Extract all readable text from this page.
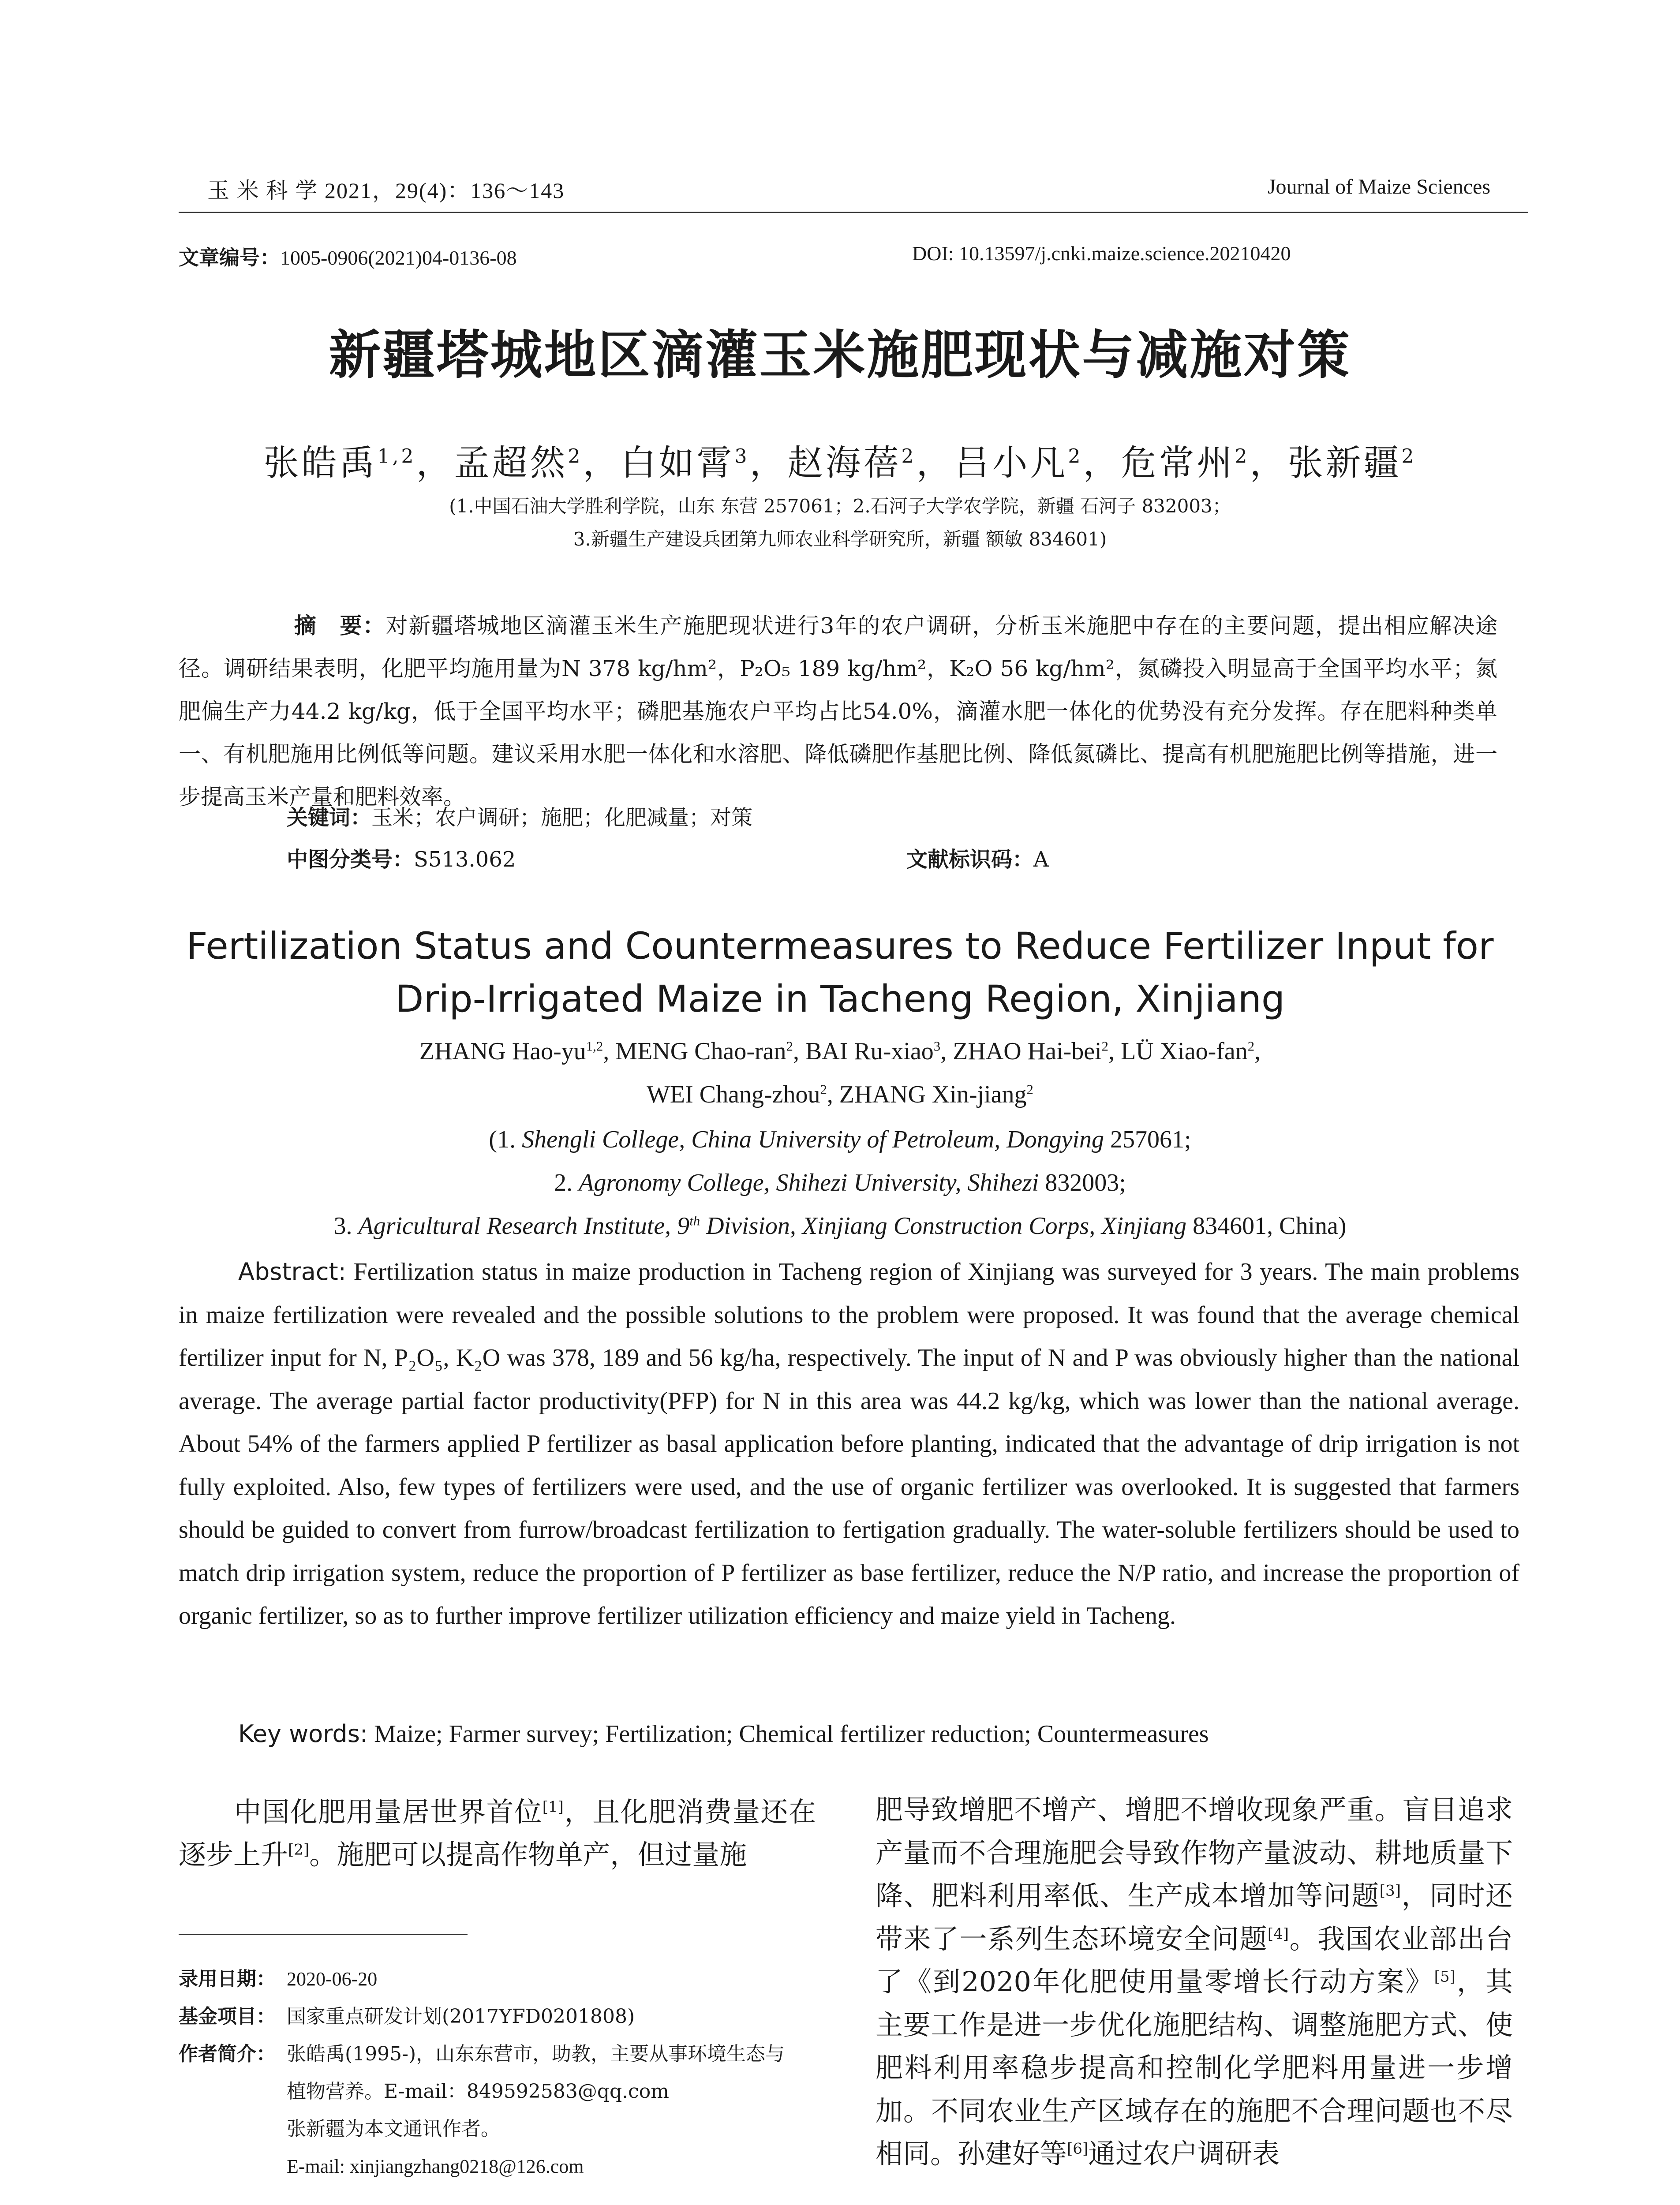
玉 米 科 学 2021，29(4)：136～143	Journal of Maize Sciences
文章编号：1005-0906(2021)04-0136-08	DOI: 10.13597/j.cnki.maize.science.20210420
新疆塔城地区滴灌玉米施肥现状与减施对策
张皓禹$^{1,2}$，孟超然$^2$，白如霄$^3$，赵海蓓$^2$，吕小凡$^2$，危常州$^2$，张新疆$^2$
(1.中国石油大学胜利学院，山东 东营 257061；2.石河子大学农学院，新疆 石河子 832003；
3.新疆生产建设兵团第九师农业科学研究所，新疆 额敏 834601)
摘　要：对新疆塔城地区滴灌玉米生产施肥现状进行3年的农户调研，分析玉米施肥中存在的主要问题，提出相应解决途径。调研结果表明，化肥平均施用量为N 378 kg/hm²，P₂O₅ 189 kg/hm²，K₂O 56 kg/hm²，氮磷投入明显高于全国平均水平；氮肥偏生产力44.2 kg/kg，低于全国平均水平；磷肥基施农户平均占比54.0%，滴灌水肥一体化的优势没有充分发挥。存在肥料种类单一、有机肥施用比例低等问题。建议采用水肥一体化和水溶肥、降低磷肥作基肥比例、降低氮磷比、提高有机肥施肥比例等措施，进一步提高玉米产量和肥料效率。
关键词：玉米；农户调研；施肥；化肥减量；对策
中图分类号：S513.062	文献标识码：A
Fertilization Status and Countermeasures to Reduce Fertilizer Input for
Drip-Irrigated Maize in Tacheng Region, Xinjiang
ZHANG Hao-yu$^{1,2}$, MENG Chao-ran$^2$, BAI Ru-xiao$^3$, ZHAO Hai-bei$^2$, LÜ Xiao-fan$^2$,
WEI Chang-zhou$^2$, ZHANG Xin-jiang$^2$
(1. Shengli College, China University of Petroleum, Dongying 257061;
2. Agronomy College, Shihezi University, Shihezi 832003;
3. Agricultural Research Institute, 9th Division, Xinjiang Construction Corps, Xinjiang 834601, China)
Abstract: Fertilization status in maize production in Tacheng region of Xinjiang was surveyed for 3 years. The main problems in maize fertilization were revealed and the possible solutions to the problem were proposed. It was found that the average chemical fertilizer input for N, P₂O₅, K₂O was 378, 189 and 56 kg/ha, respectively. The input of N and P was obviously higher than the national average. The average partial factor productivity(PFP) for N in this area was 44.2 kg/kg, which was lower than the national average. About 54% of the farmers applied P fertilizer as basal application before planting, indicated that the advantage of drip irrigation is not fully exploited. Also, few types of fertilizers were used, and the use of organic fertilizer was overlooked. It is suggested that farmers should be guided to convert from furrow/broadcast fertilization to fertigation gradually. The water-soluble fertilizers should be used to match drip irrigation system, reduce the proportion of P fertilizer as base fertilizer, reduce the N/P ratio, and increase the proportion of organic fertilizer, so as to further improve fertilizer utilization efficiency and maize yield in Tacheng.
Key words: Maize; Farmer survey; Fertilization; Chemical fertilizer reduction; Countermeasures
中国化肥用量居世界首位[1]，且化肥消费量还在逐步上升[2]。施肥可以提高作物单产，但过量施
肥导致增肥不增产、增肥不增收现象严重。盲目追求产量而不合理施肥会导致作物产量波动、耕地质量下降、肥料利用率低、生产成本增加等问题[3]，同时还带来了一系列生态环境安全问题[4]。我国农业部出台了《到2020年化肥使用量零增长行动方案》[5]，其主要工作是进一步优化施肥结构、调整施肥方式、使肥料利用率稳步提高和控制化学肥料用量进一步增加。不同农业生产区域存在的施肥不合理问题也不尽相同。孙建好等[6]通过农户调研表
录用日期： 2020-06-20
基金项目： 国家重点研发计划(2017YFD0201808)
作者简介： 张皓禹(1995-)，山东东营市，助教，主要从事环境生态与
植物营养。E-mail：849592583@qq.com
张新疆为本文通讯作者。
E-mail: xinjiangzhang0218@126.com
